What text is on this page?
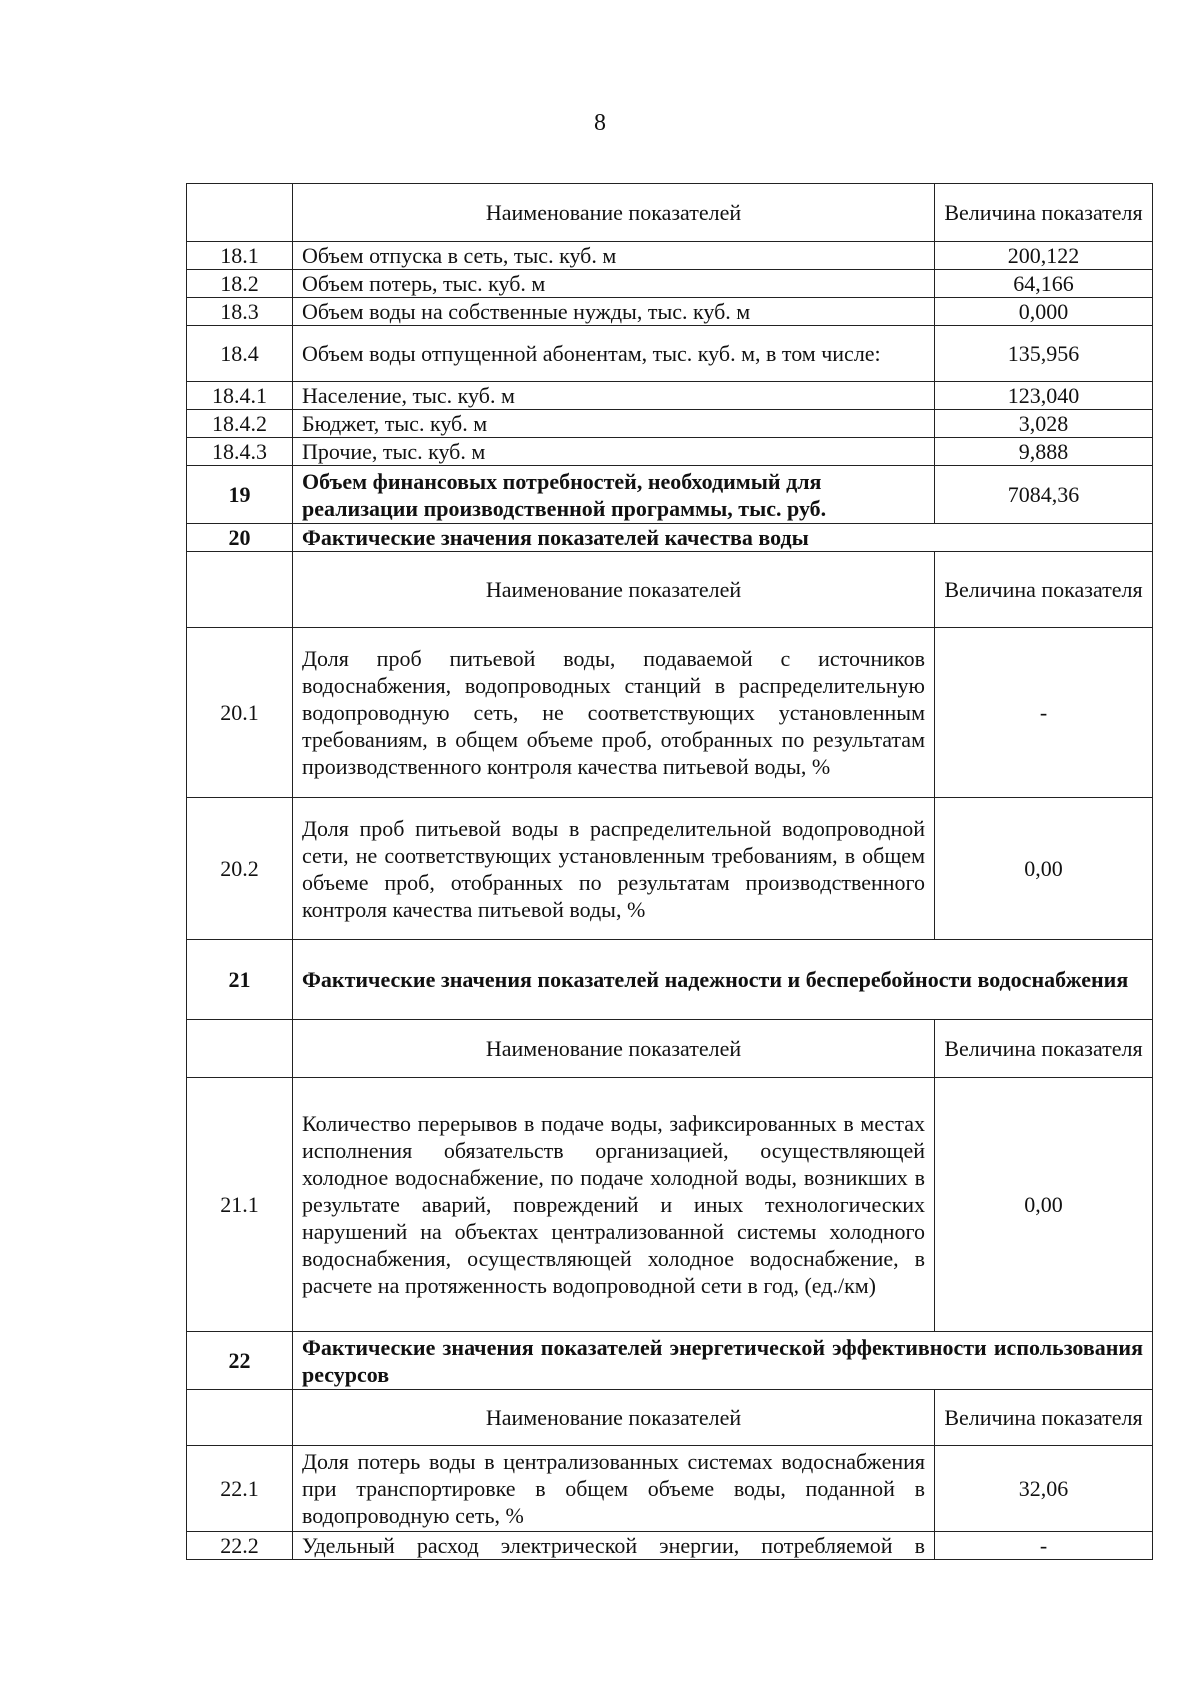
8
	Наименование показателей	Величина показателя
18.1	Объем отпуска в сеть, тыс. куб. м	200,122
18.2	Объем потерь, тыс. куб. м	64,166
18.3	Объем воды на собственные нужды, тыс. куб. м	0,000
18.4	Объем воды отпущенной абонентам, тыс. куб. м, в том числе:	135,956
18.4.1	Население, тыс. куб. м	123,040
18.4.2	Бюджет, тыс. куб. м	3,028
18.4.3	Прочие, тыс. куб. м	9,888
19	Объем финансовых потребностей, необходимый для реализации производственной программы, тыс. руб.	7084,36
20	Фактические значения показателей качества воды	
	Наименование показателей	Величина показателя
20.1	Доля проб питьевой воды, подаваемой с источников водоснабжения, водопроводных станций в распределительную водопроводную сеть, не соответствующих установленным требованиям, в общем объеме проб, отобранных по результатам производственного контроля качества питьевой воды, %	-
20.2	Доля проб питьевой воды в распределительной водопроводной сети, не соответствующих установленным требованиям, в общем объеме проб, отобранных по результатам производственного контроля качества питьевой воды, %	0,00
21	Фактические значения показателей надежности и бесперебойности водоснабжения	
	Наименование показателей	Величина показателя
21.1	Количество перерывов в подаче воды, зафиксированных в местах исполнения обязательств организацией, осуществляющей холодное водоснабжение, по подаче холодной воды, возникших в результате аварий, повреждений и иных технологических нарушений на объектах централизованной системы холодного водоснабжения, осуществляющей холодное водоснабжение, в расчете на протяженность водопроводной сети в год, (ед./км)	0,00
22	Фактические значения показателей энергетической эффективности использования ресурсов	
	Наименование показателей	Величина показателя
22.1	Доля потерь воды в централизованных системах водоснабжения при транспортировке в общем объеме воды, поданной в водопроводную сеть, %	32,06
22.2	Удельный расход электрической энергии, потребляемой в	-
